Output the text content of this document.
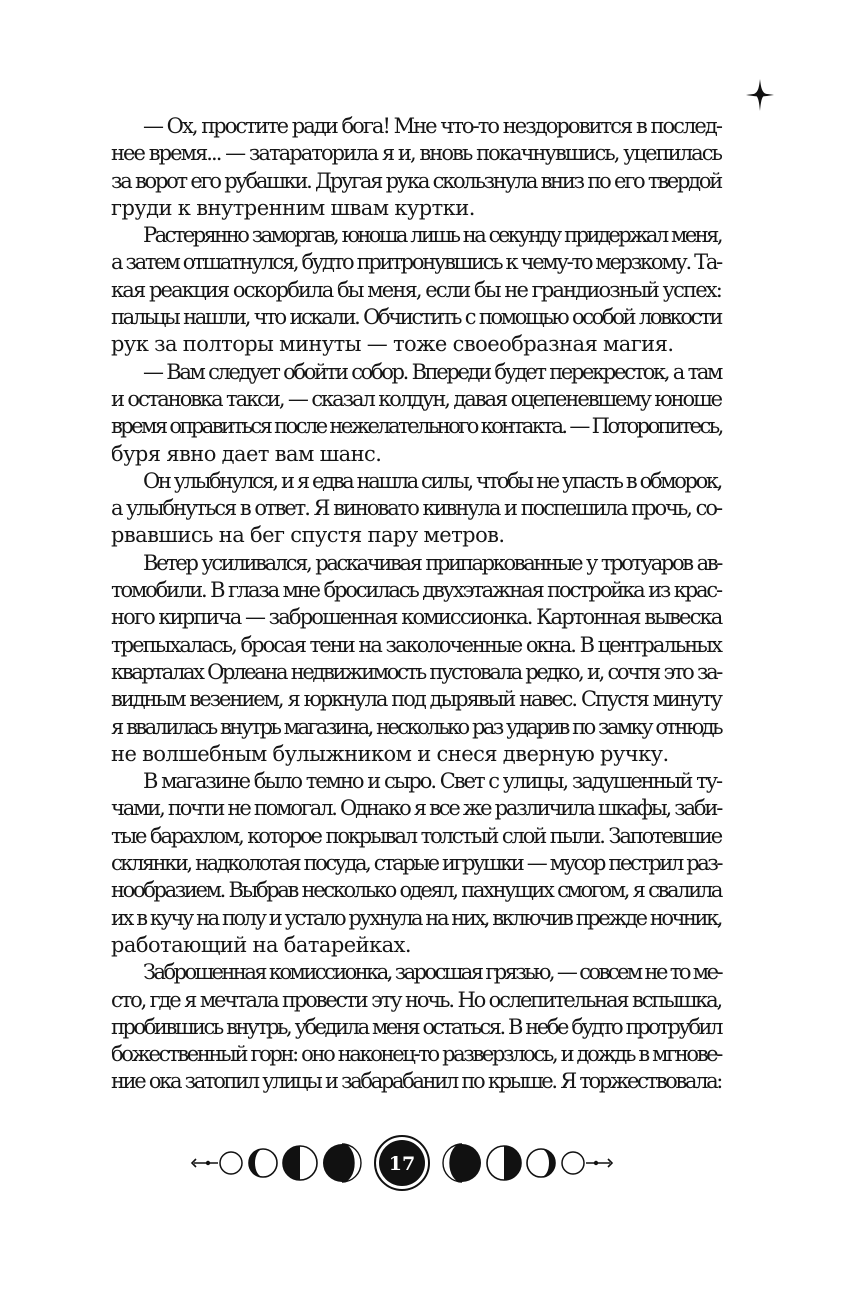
— Ох, простите ради бога! Мне что-то нездоровится в послед-

нее время... — затараторила я и, вновь покачнувшись, уцепилась

за ворот его рубашки. Другая рука скользнула вниз по его твердой

груди к внутренним швам куртки.

Растерянно заморгав, юноша лишь на секунду придержал меня,

а затем отшатнулся, будто притронувшись к чему-то мерзкому. Та-

кая реакция оскорбила бы меня, если бы не грандиозный успех:

пальцы нашли, что искали. Обчистить с помощью особой ловкости

рук за полторы минуты — тоже своеобразная магия.

— Вам следует обойти собор. Впереди будет перекресток, а там

и остановка такси, — сказал колдун, давая оцепеневшему юноше

время оправиться после нежелательного контакта. — Поторопитесь,

буря явно дает вам шанс.

Он улыбнулся, и я едва нашла силы, чтобы не упасть в обморок,

а улыбнуться в ответ. Я виновато кивнула и поспешила прочь, со-

рвавшись на бег спустя пару метров.

Ветер усиливался, раскачивая припаркованные у тротуаров ав-

томобили. В глаза мне бросилась двухэтажная постройка из крас-

ного кирпича — заброшенная комиссионка. Картонная вывеска

трепыхалась, бросая тени на заколоченные окна. В центральных

кварталах Орлеана недвижимость пустовала редко, и, сочтя это за-

видным везением, я юркнула под дырявый навес. Спустя минуту

я ввалилась внутрь магазина, несколько раз ударив по замку отнюдь

не волшебным булыжником и снеся дверную ручку.

В магазине было темно и сыро. Свет с улицы, задушенный ту-

чами, почти не помогал. Однако я все же различила шкафы, заби-

тые барахлом, которое покрывал толстый слой пыли. Запотевшие

склянки, надколотая посуда, старые игрушки — мусор пестрил раз-

нообразием. Выбрав несколько одеял, пахнущих смогом, я свалила

их в кучу на полу и устало рухнула на них, включив прежде ночник,

работающий на батарейках.

Заброшенная комиссионка, заросшая грязью, — совсем не то ме-

сто, где я мечтала провести эту ночь. Но ослепительная вспышка,

пробившись внутрь, убедила меня остаться. В небе будто протрубил

божественный горн: оно наконец-то разверзлось, и дождь в мгнове-

ние ока затопил улицы и забарабанил по крыше. Я торжествовала:

17
